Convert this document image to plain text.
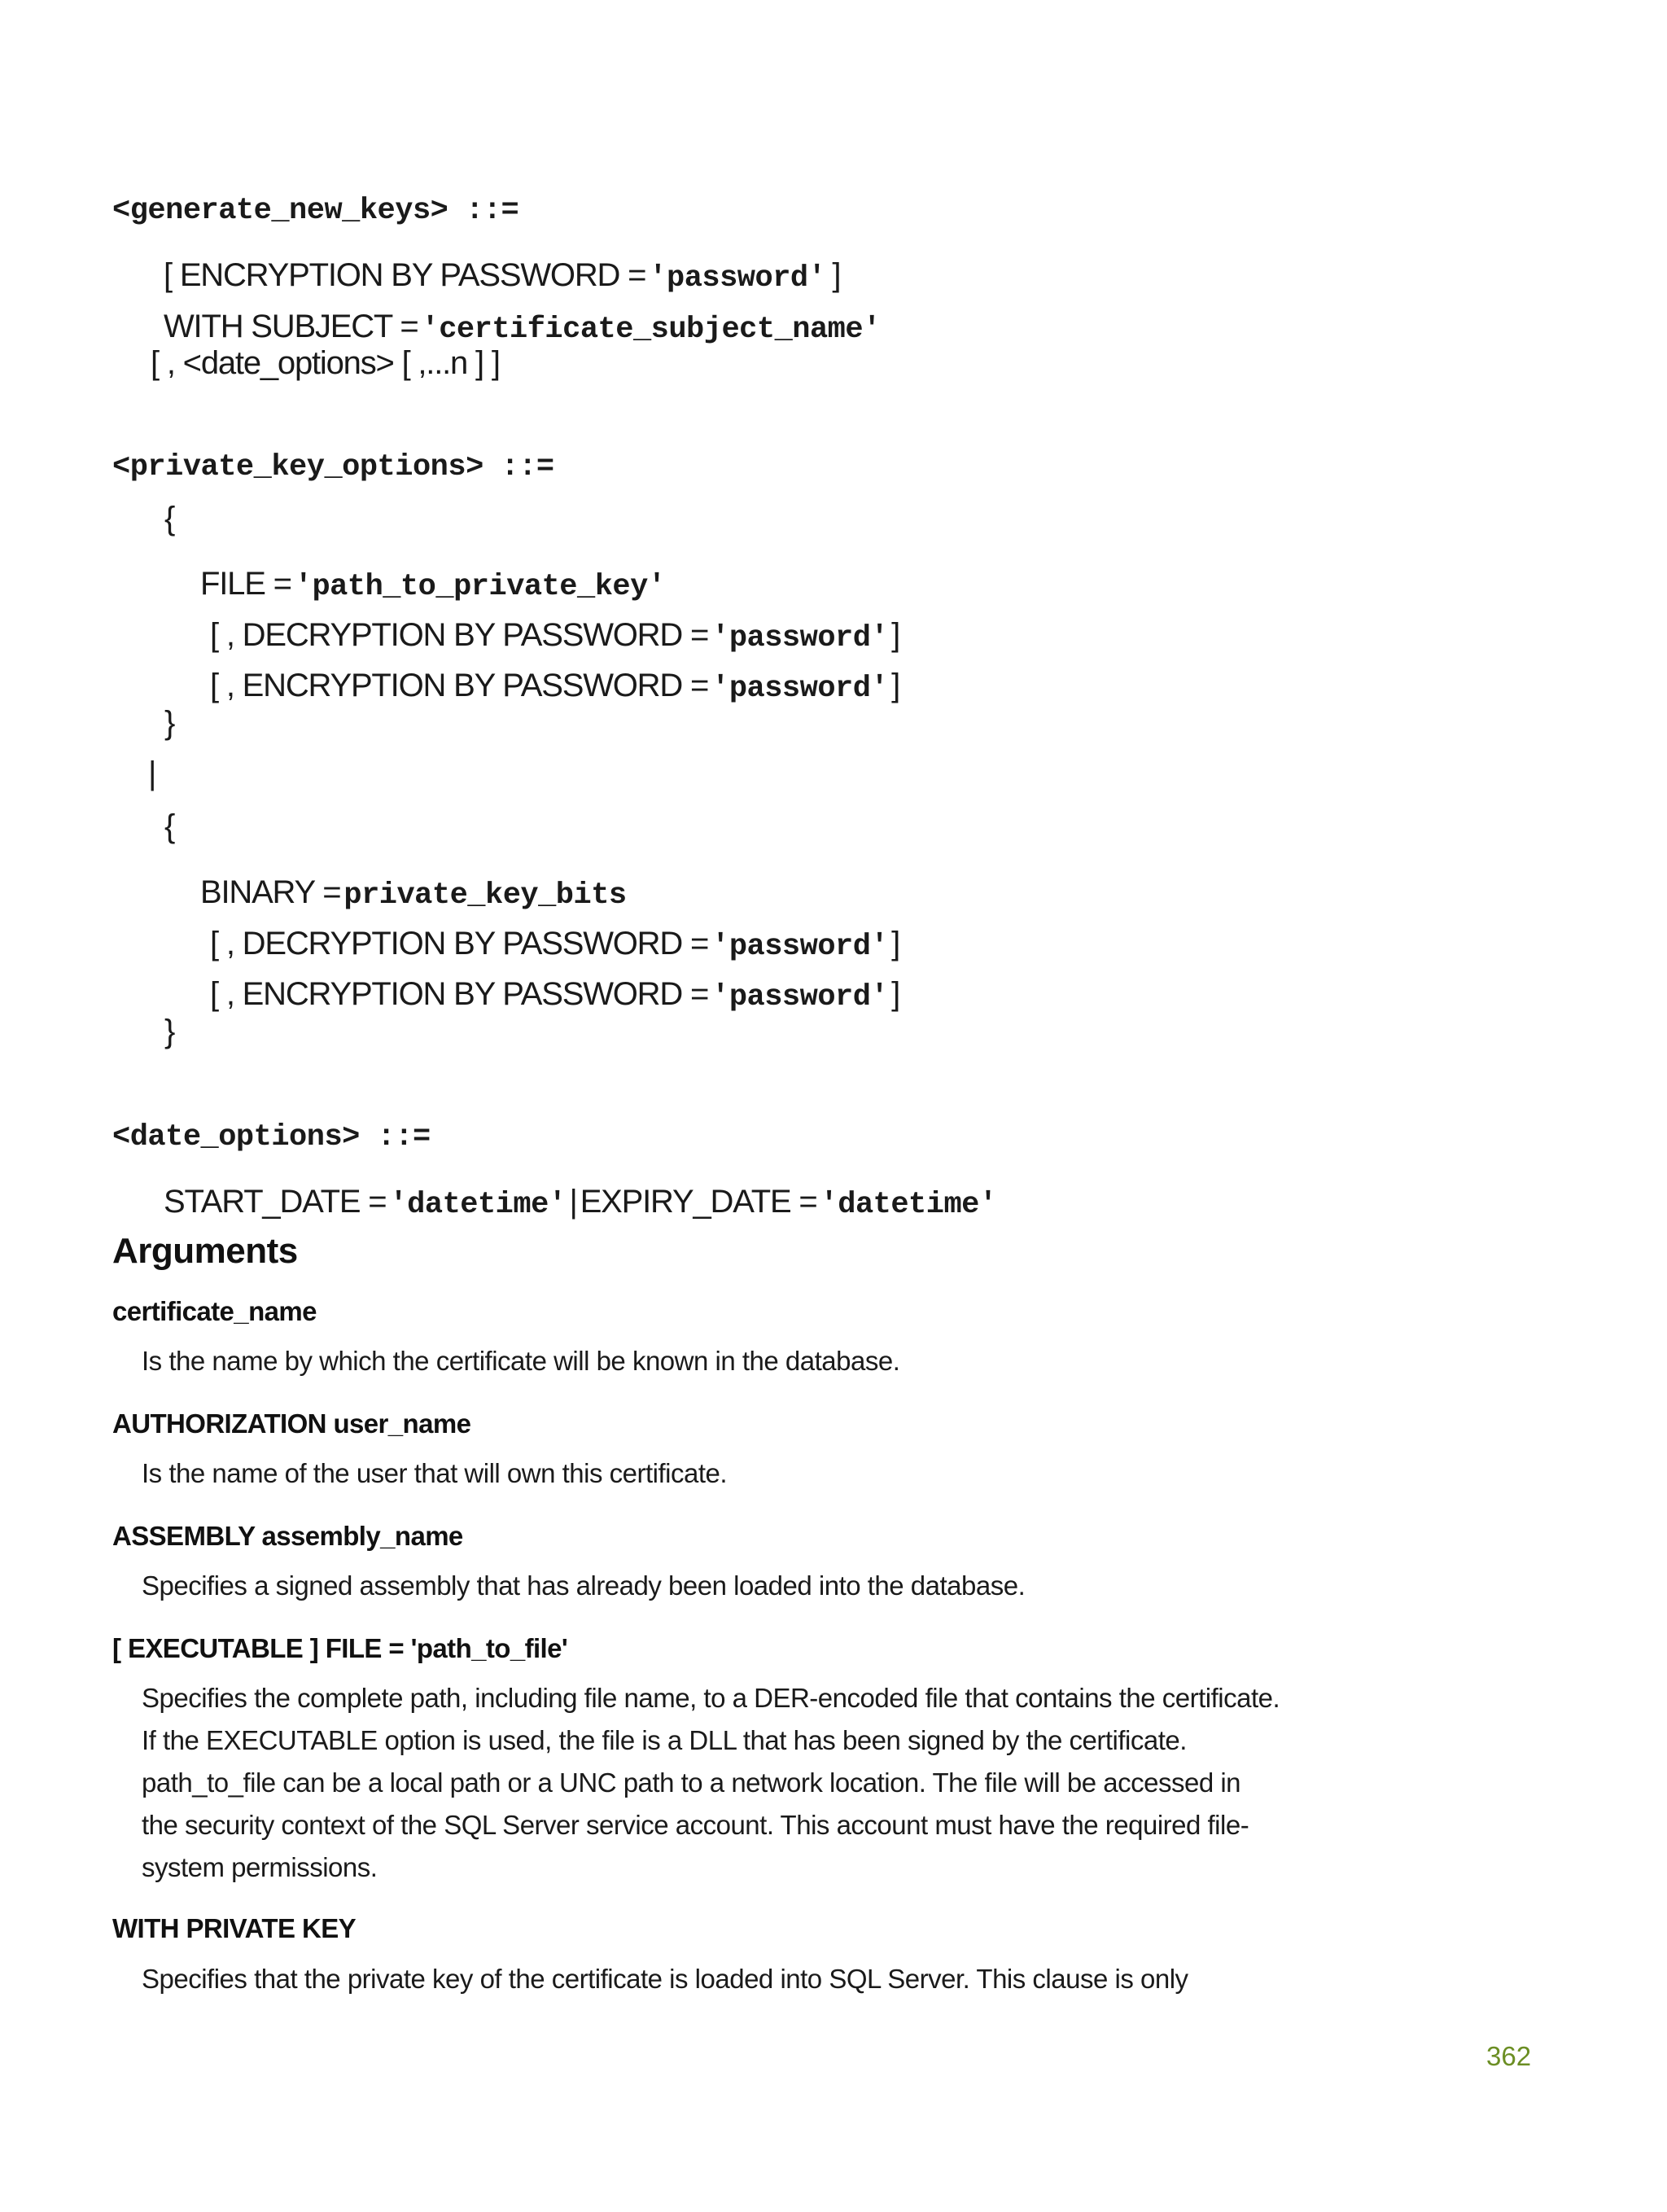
<generate_new_keys> ::=

[ ENCRYPTION BY PASSWORD = 'password' ]

WITH SUBJECT = 'certificate_subject_name'

[ , <date_options> [ ,...n ] ]
<private_key_options> ::=
{

FILE = 'path_to_private_key'

[ , DECRYPTION BY PASSWORD = 'password' ]

[ , ENCRYPTION BY PASSWORD = 'password' ]

}
|
{

BINARY = private_key_bits

[ , DECRYPTION BY PASSWORD = 'password' ]

[ , ENCRYPTION BY PASSWORD = 'password' ]

}
<date_options> ::=

START_DATE = 'datetime' | EXPIRY_DATE = 'datetime'

Arguments
certificate_name
Is the name by which the certificate will be known in the database.
AUTHORIZATION user_name
Is the name of the user that will own this certificate.
ASSEMBLY assembly_name
Specifies a signed assembly that has already been loaded into the database.
[ EXECUTABLE ] FILE = 'path_to_file'
Specifies the complete path, including file name, to a DER-encoded file that contains the certificate. If the EXECUTABLE option is used, the file is a DLL that has been signed by the certificate. path_to_file can be a local path or a UNC path to a network location. The file will be accessed in the security context of the SQL Server service account. This account must have the required file-system permissions.
WITH PRIVATE KEY
Specifies that the private key of the certificate is loaded into SQL Server. This clause is only
362
